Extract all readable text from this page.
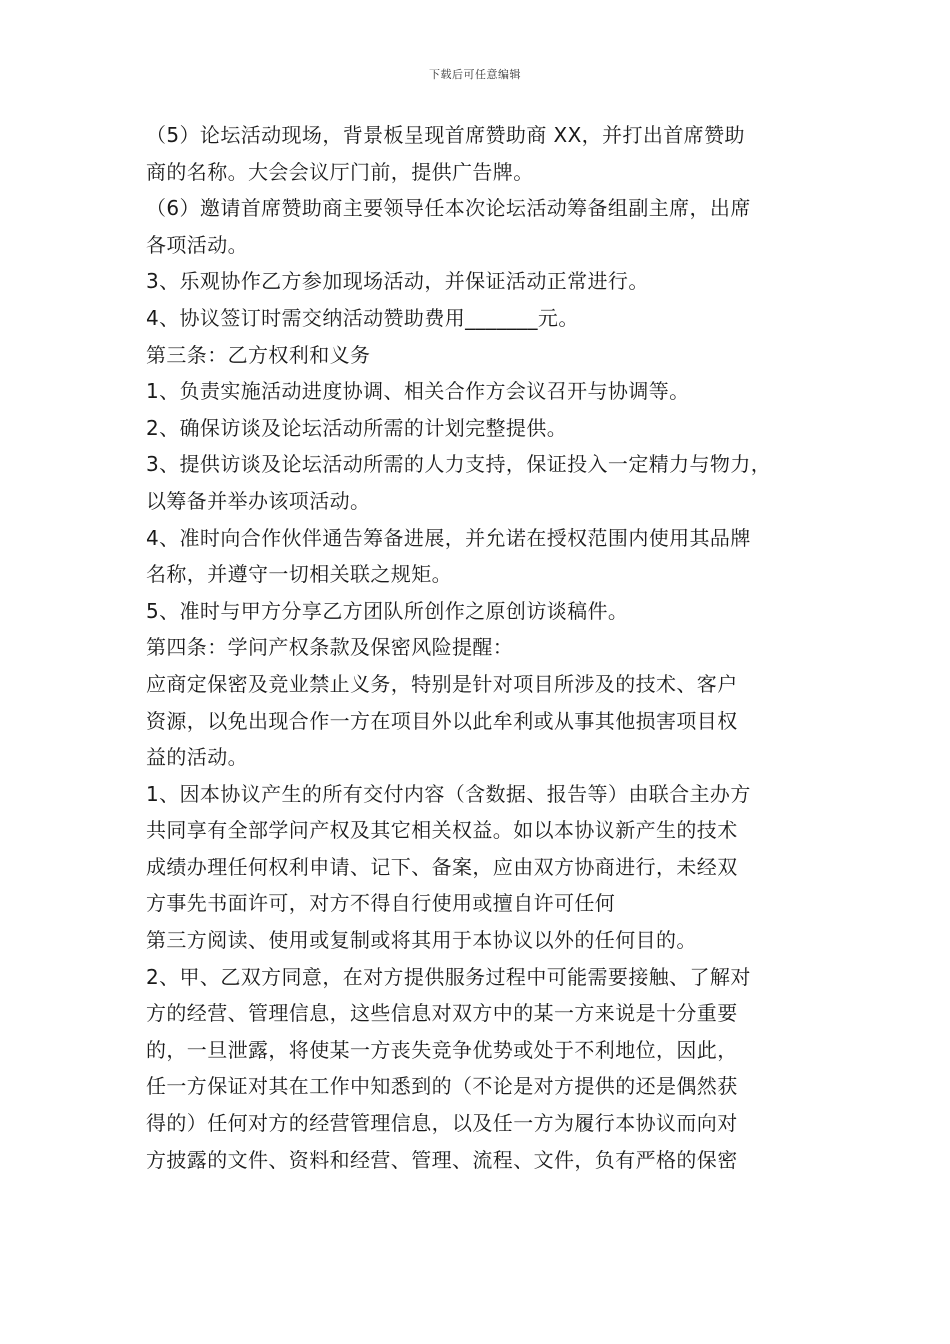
下载后可任意编辑
（5）论坛活动现场，背景板呈现首席赞助商 XX，并打出首席赞助
商的名称。大会会议厅门前，提供广告牌。
（6）邀请首席赞助商主要领导任本次论坛活动筹备组副主席，出席
各项活动。
3、乐观协作乙方参加现场活动，并保证活动正常进行。
4、协议签订时需交纳活动赞助费用_______元。
第三条：乙方权利和义务
1、负责实施活动进度协调、相关合作方会议召开与协调等。
2、确保访谈及论坛活动所需的计划完整提供。
3、提供访谈及论坛活动所需的人力支持，保证投入一定精力与物力，
以筹备并举办该项活动。
4、准时向合作伙伴通告筹备进展，并允诺在授权范围内使用其品牌
名称，并遵守一切相关联之规矩。
5、准时与甲方分享乙方团队所创作之原创访谈稿件。
第四条：学问产权条款及保密风险提醒：
应商定保密及竞业禁止义务，特别是针对项目所涉及的技术、客户
资源，以免出现合作一方在项目外以此牟利或从事其他损害项目权
益的活动。
1、因本协议产生的所有交付内容（含数据、报告等）由联合主办方
共同享有全部学问产权及其它相关权益。如以本协议新产生的技术
成绩办理任何权利申请、记下、备案，应由双方协商进行，未经双
方事先书面许可，对方不得自行使用或擅自许可任何
第三方阅读、使用或复制或将其用于本协议以外的任何目的。
2、甲、乙双方同意，在对方提供服务过程中可能需要接触、了解对
方的经营、管理信息，这些信息对双方中的某一方来说是十分重要
的，一旦泄露，将使某一方丧失竞争优势或处于不利地位，因此，
任一方保证对其在工作中知悉到的（不论是对方提供的还是偶然获
得的）任何对方的经营管理信息，以及任一方为履行本协议而向对
方披露的文件、资料和经营、管理、流程、文件，负有严格的保密
